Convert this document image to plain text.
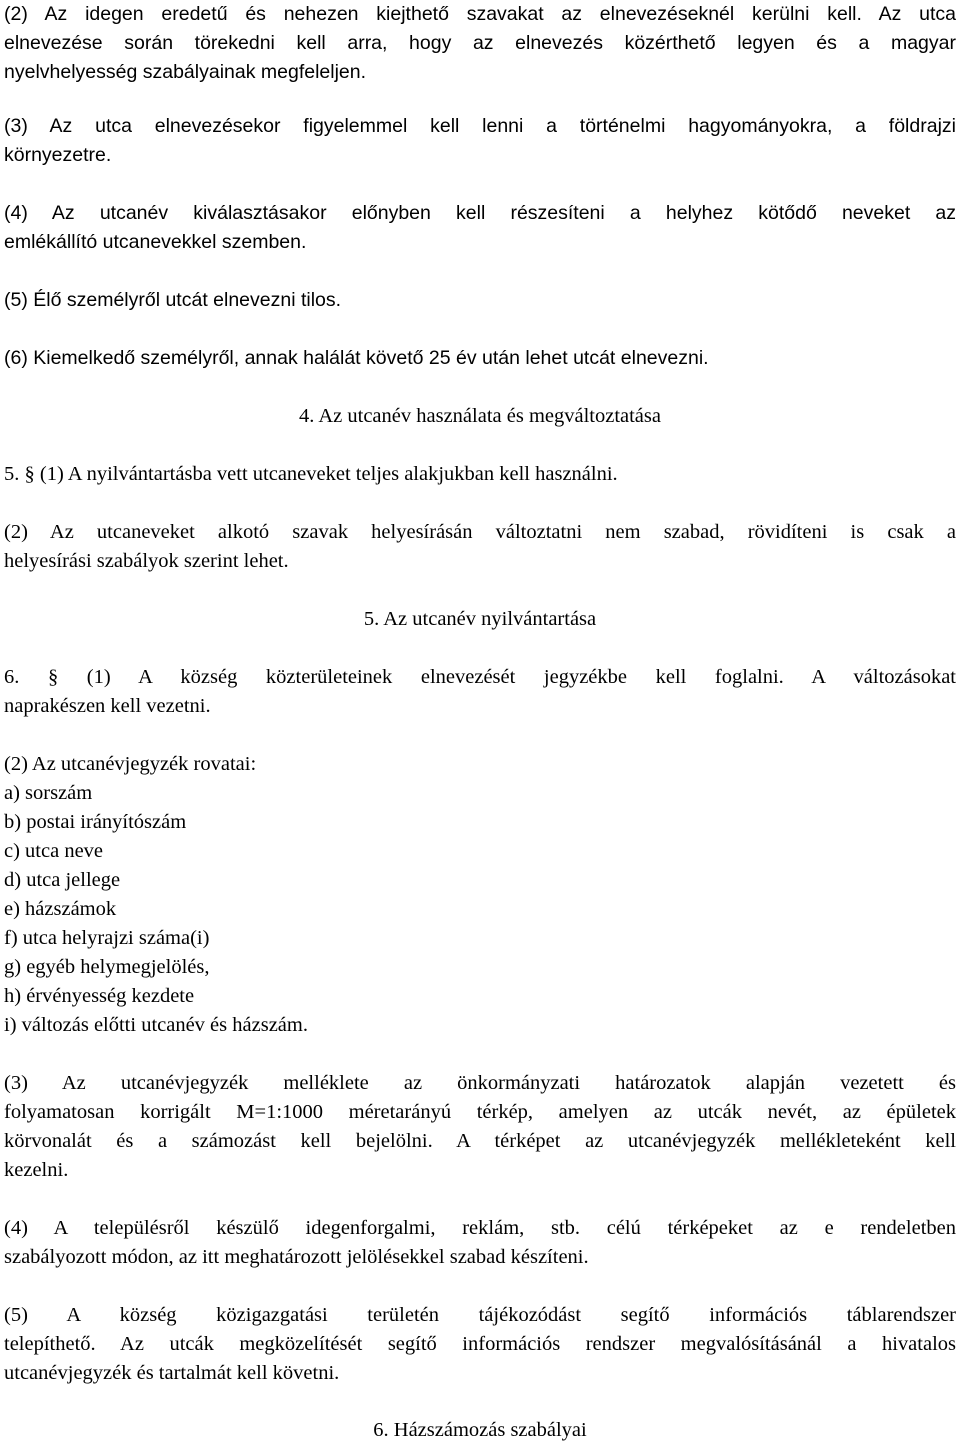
(2) Az idegen eredetű és nehezen kiejthető szavakat az elnevezéseknél kerülni kell. Az utca
elnevezése során törekedni kell arra, hogy az elnevezés közérthető legyen és a magyar
nyelvhelyesség szabályainak megfeleljen.
(3) Az utca elnevezésekor figyelemmel kell lenni a történelmi hagyományokra, a földrajzi
környezetre.
(4) Az utcanév kiválasztásakor előnyben kell részesíteni a helyhez kötődő neveket az
emlékállító utcanevekkel szemben.
(5) Élő személyről utcát elnevezni tilos.
(6) Kiemelkedő személyről, annak halálát követő 25 év után lehet utcát elnevezni.
4. Az utcanév használata és megváltoztatása
5. § (1) A nyilvántartásba vett utcaneveket teljes alakjukban kell használni.
(2) Az utcaneveket alkotó szavak helyesírásán változtatni nem szabad, rövidíteni is csak a
helyesírási szabályok szerint lehet.
5. Az utcanév nyilvántartása
6. § (1) A község közterületeinek elnevezését jegyzékbe kell foglalni. A változásokat
naprakészen kell vezetni.
(2) Az utcanévjegyzék rovatai:
a) sorszám
b) postai irányítószám
c) utca neve
d) utca jellege
e) házszámok
f) utca helyrajzi száma(i)
g) egyéb helymegjelölés,
h) érvényesség kezdete
i) változás előtti utcanév és házszám.
(3) Az utcanévjegyzék melléklete az önkormányzati határozatok alapján vezetett és
folyamatosan korrigált M=1:1000 méretarányú térkép, amelyen az utcák nevét, az épületek
körvonalát és a számozást kell bejelölni. A térképet az utcanévjegyzék mellékleteként kell
kezelni.
(4) A településről készülő idegenforgalmi, reklám, stb. célú térképeket az e rendeletben
szabályozott módon, az itt meghatározott jelölésekkel szabad készíteni.
(5) A község közigazgatási területén tájékozódást segítő információs táblarendszer
telepíthető. Az utcák megközelítését segítő információs rendszer megvalósításánál a hivatalos
utcanévjegyzék és tartalmát kell követni.
6. Házszámozás szabályai
